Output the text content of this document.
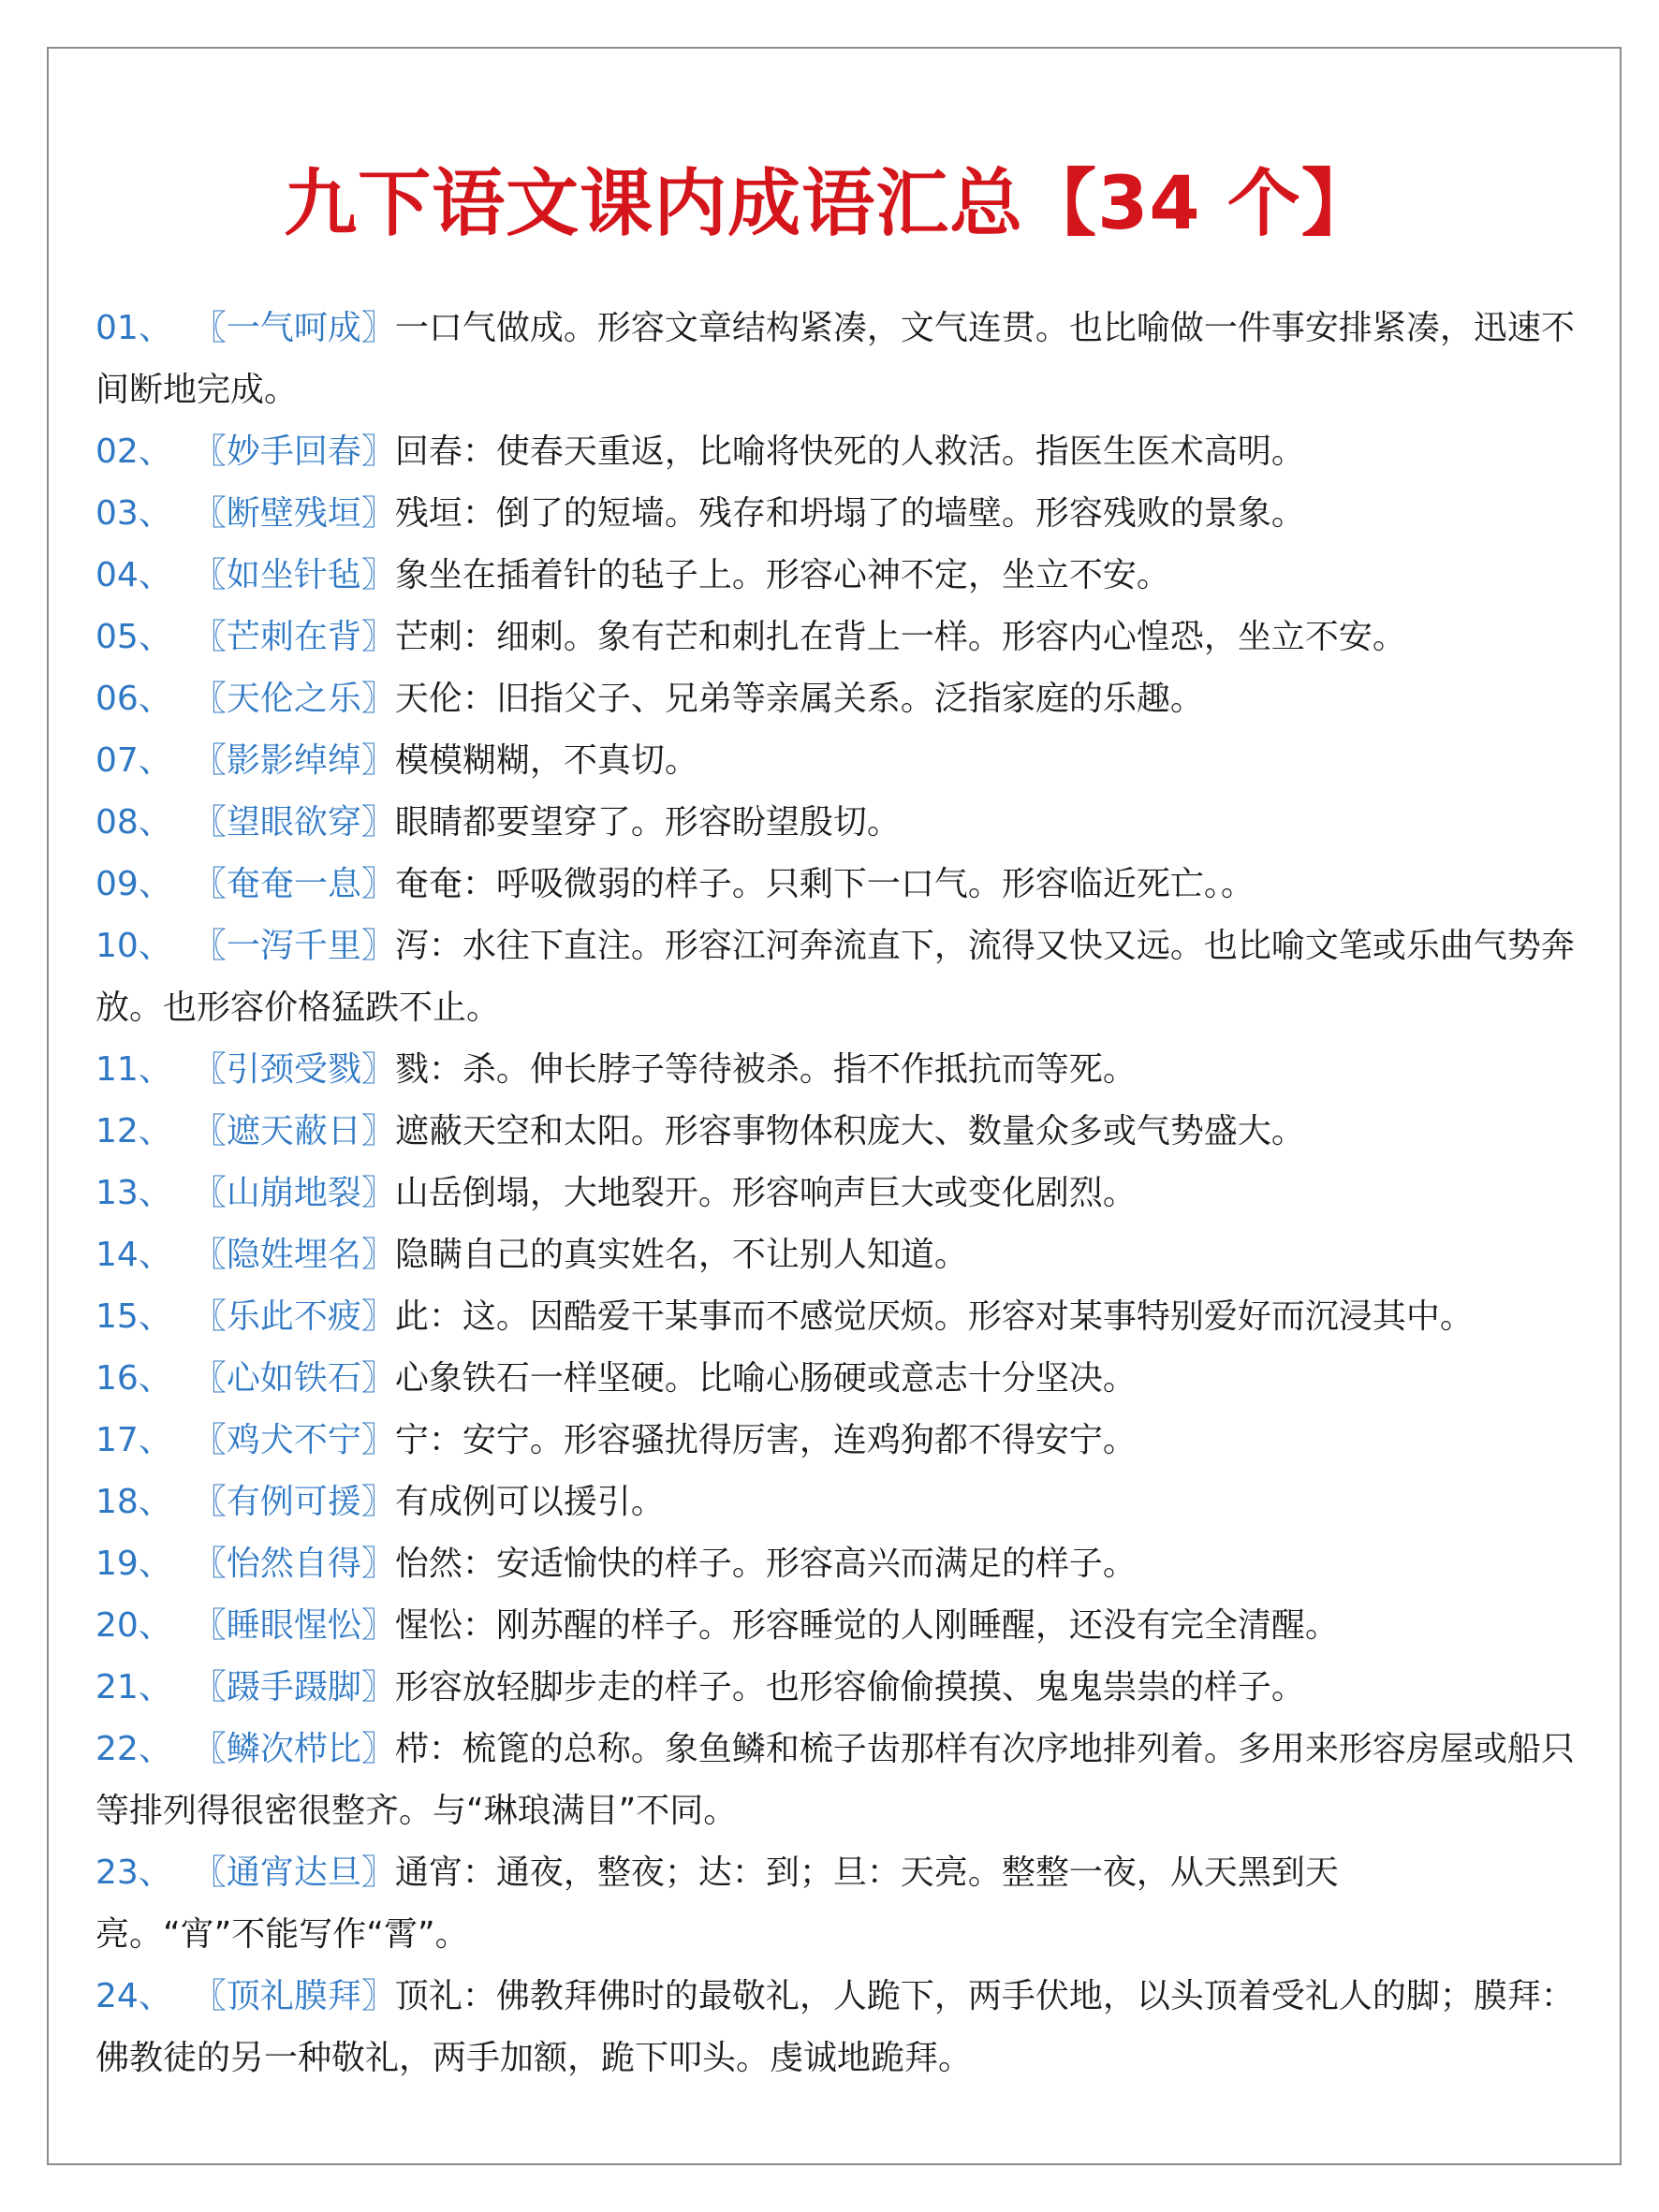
九下语文课内成语汇总【34 个】
01、 〖一气呵成〗一口气做成。形容文章结构紧凑，文气连贯。也比喻做一件事安排紧凑，迅速不间断地完成。
02、 〖妙手回春〗回春：使春天重返，比喻将快死的人救活。指医生医术高明。
03、 〖断壁残垣〗残垣：倒了的短墙。残存和坍塌了的墙壁。形容残败的景象。
04、 〖如坐针毡〗象坐在插着针的毡子上。形容心神不定，坐立不安。
05、 〖芒刺在背〗芒刺：细刺。象有芒和刺扎在背上一样。形容内心惶恐，坐立不安。
06、 〖天伦之乐〗天伦：旧指父子、兄弟等亲属关系。泛指家庭的乐趣。
07、 〖影影绰绰〗模模糊糊，不真切。
08、 〖望眼欲穿〗眼睛都要望穿了。形容盼望殷切。
09、 〖奄奄一息〗奄奄：呼吸微弱的样子。只剩下一口气。形容临近死亡。。
10、 〖一泻千里〗泻：水往下直注。形容江河奔流直下，流得又快又远。也比喻文笔或乐曲气势奔放。也形容价格猛跌不止。
11、 〖引颈受戮〗戮：杀。伸长脖子等待被杀。指不作抵抗而等死。
12、 〖遮天蔽日〗遮蔽天空和太阳。形容事物体积庞大、数量众多或气势盛大。
13、 〖山崩地裂〗山岳倒塌，大地裂开。形容响声巨大或变化剧烈。
14、 〖隐姓埋名〗隐瞒自己的真实姓名，不让别人知道。
15、 〖乐此不疲〗此：这。因酷爱干某事而不感觉厌烦。形容对某事特别爱好而沉浸其中。
16、 〖心如铁石〗心象铁石一样坚硬。比喻心肠硬或意志十分坚决。
17、 〖鸡犬不宁〗宁：安宁。形容骚扰得厉害，连鸡狗都不得安宁。
18、 〖有例可援〗有成例可以援引。
19、 〖怡然自得〗怡然：安适愉快的样子。形容高兴而满足的样子。
20、 〖睡眼惺忪〗惺忪：刚苏醒的样子。形容睡觉的人刚睡醒，还没有完全清醒。
21、 〖蹑手蹑脚〗形容放轻脚步走的样子。也形容偷偷摸摸、鬼鬼祟祟的样子。
22、 〖鳞次栉比〗栉：梳篦的总称。象鱼鳞和梳子齿那样有次序地排列着。多用来形容房屋或船只等排列得很密很整齐。与“琳琅满目”不同。
23、 〖通宵达旦〗通宵：通夜，整夜；达：到；旦：天亮。整整一夜，从天黑到天亮。“宵”不能写作“霄”。
24、 〖顶礼膜拜〗顶礼：佛教拜佛时的最敬礼，人跪下，两手伏地，以头顶着受礼人的脚；膜拜：佛教徒的另一种敬礼，两手加额，跪下叩头。虔诚地跪拜。
